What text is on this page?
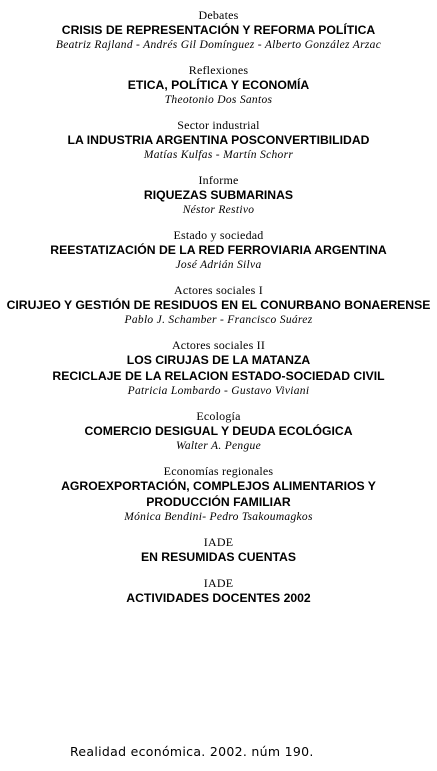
Debates
CRISIS DE REPRESENTACIÓN Y REFORMA POLÍTICA
Beatriz Rajland - Andrés Gil Domínguez - Alberto González Arzac
Reflexiones
ETICA, POLÍTICA Y ECONOMÍA
Theotonio Dos Santos
Sector industrial
LA INDUSTRIA ARGENTINA POSCONVERTIBILIDAD
Matías Kulfas - Martín Schorr
Informe
RIQUEZAS SUBMARINAS
Néstor Restivo
Estado y sociedad
REESTATIZACIÓN DE LA RED FERROVIARIA ARGENTINA
José Adrián Silva
Actores sociales I
CIRUJEO Y GESTIÓN DE RESIDUOS EN EL CONURBANO BONAERENSE
Pablo J. Schamber - Francisco Suárez
Actores sociales II
LOS CIRUJAS DE LA MATANZA
RECICLAJE DE LA RELACION ESTADO-SOCIEDAD CIVIL
Patricia Lombardo - Gustavo Viviani
Ecología
COMERCIO DESIGUAL Y DEUDA ECOLÓGICA
Walter A. Pengue
Economías regionales
AGROEXPORTACIÓN, COMPLEJOS ALIMENTARIOS Y
PRODUCCIÓN FAMILIAR
Mónica Bendini- Pedro Tsakoumagkos
IADE
EN RESUMIDAS CUENTAS
IADE
ACTIVIDADES DOCENTES 2002
Realidad económica. 2002. núm 190.
